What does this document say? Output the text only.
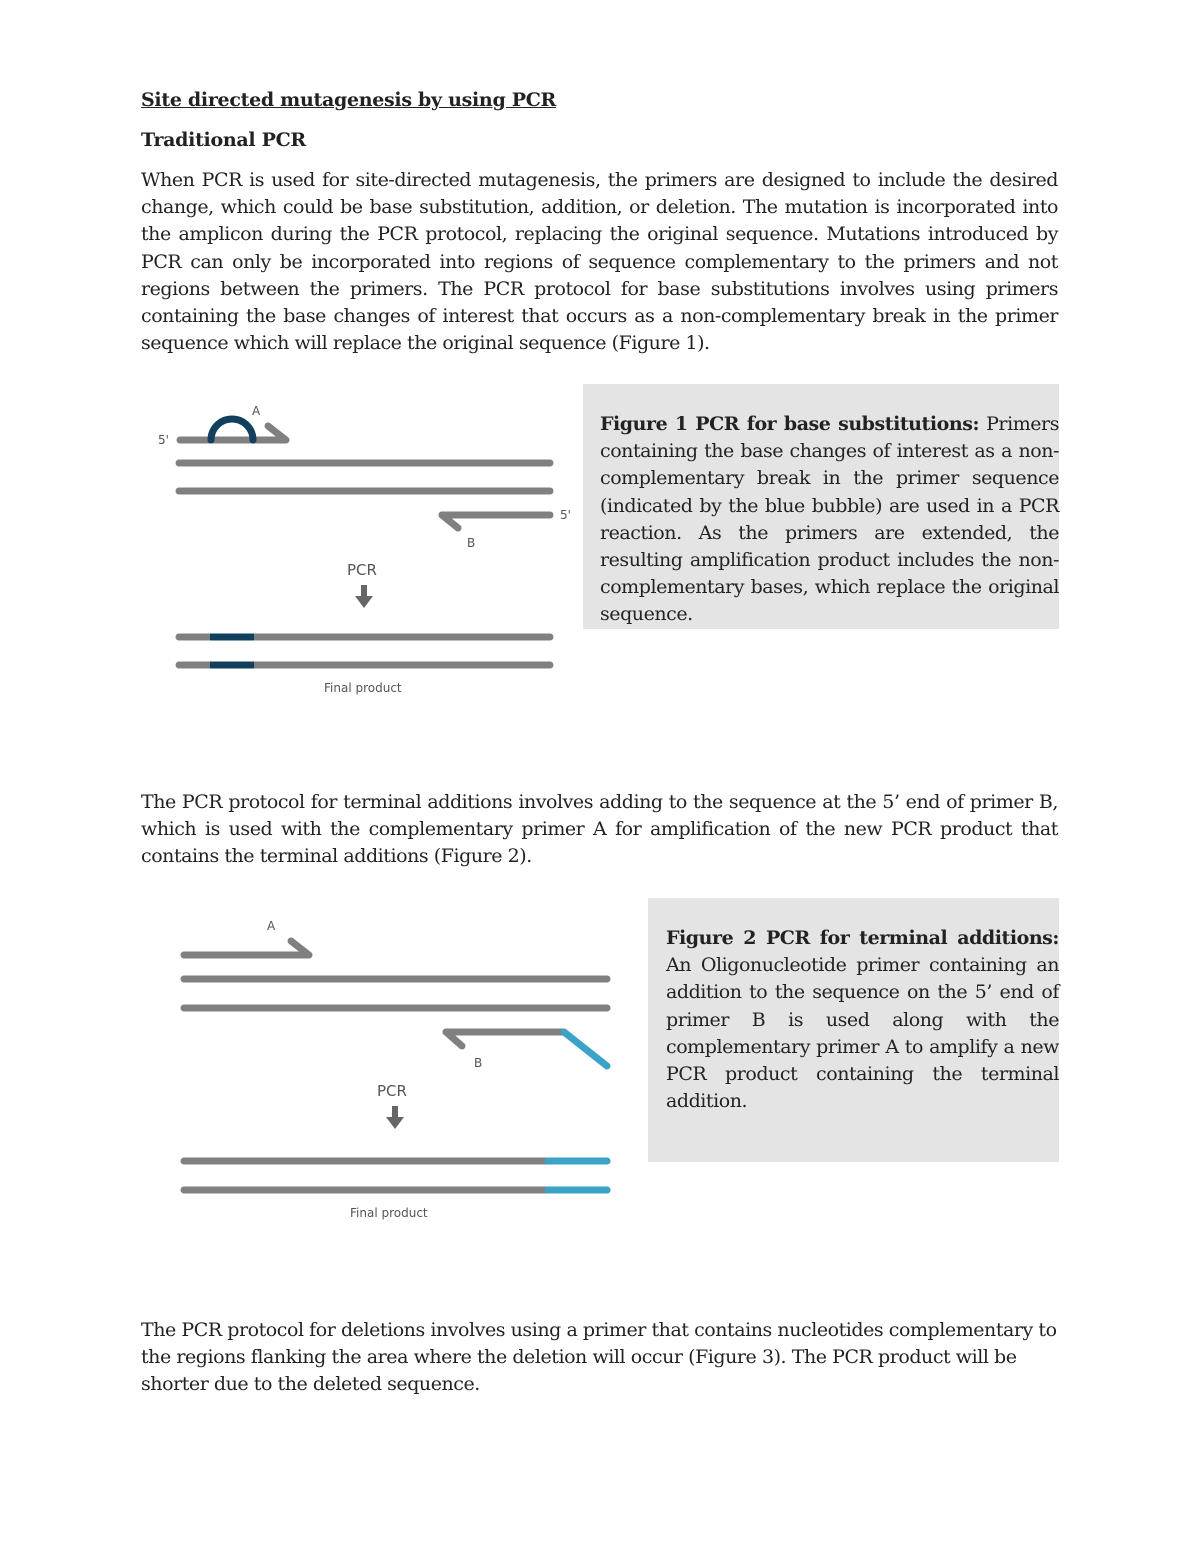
Site directed mutagenesis by using PCR
Traditional PCR

When PCR is used for site-directed mutagenesis, the primers are designed to include the desired change, which could be base substitution, addition, or deletion. The mutation is incorporated into the amplicon during the PCR protocol, replacing the original sequence. Mutations introduced by PCR can only be incorporated into regions of sequence complementary to the primers and not regions between the primers. The PCR protocol for base substitutions involves using primers containing the base changes of interest that occurs as a non-complementary break in the primer sequence which will replace the original sequence (Figure 1).

5'
A
5'
B
PCR
Final product
Figure 1 PCR for base substitutions: Primers containing the base changes of interest as a non-complementary break in the primer sequence (indicated by the blue bubble) are used in a PCR reaction. As the primers are extended, the resulting amplification product includes the non-complementary bases, which replace the original sequence.

The PCR protocol for terminal additions involves adding to the sequence at the 5’ end of primer B, which is used with the complementary primer A for amplification of the new PCR product that contains the terminal additions (Figure 2).

A
B
PCR
Final product
Figure 2 PCR for terminal additions: An Oligonucleotide primer containing an addition to the sequence on the 5’ end of primer B is used along with the complementary primer A to amplify a new PCR product containing the terminal addition.

The PCR protocol for deletions involves using a primer that contains nucleotides complementary to the regions flanking the area where the deletion will occur (Figure 3). The PCR product will be shorter due to the deleted sequence.
